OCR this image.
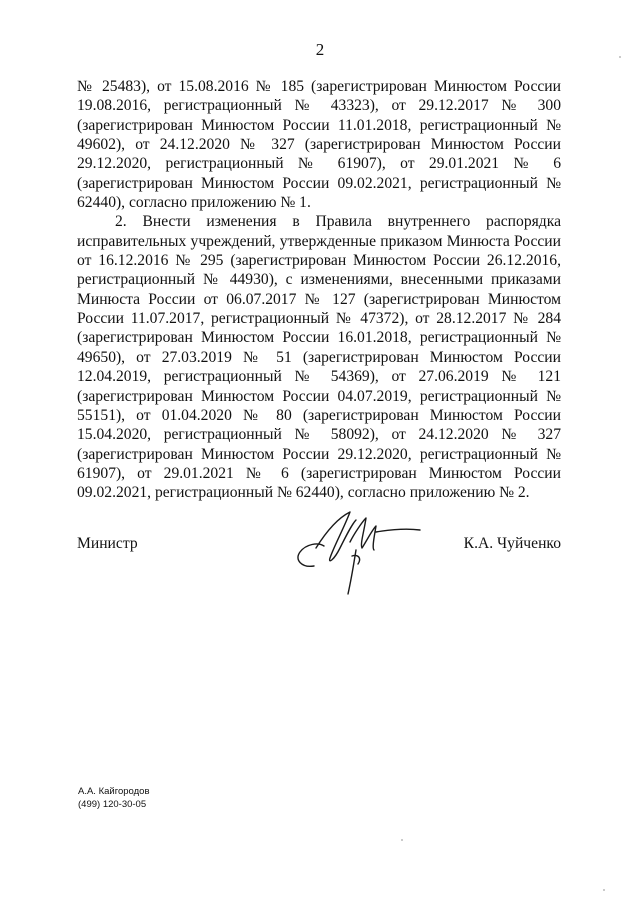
2

№ 25483), от 15.08.2016 № 185 (зарегистрирован Минюстом России 19.08.2016, регистрационный № 43323), от 29.12.2017 № 300 (зарегистрирован Минюстом России 11.01.2018, регистрационный № 49602), от 24.12.2020 № 327 (зарегистрирован Минюстом России 29.12.2020, регистрационный № 61907), от 29.01.2021 № 6 (зарегистрирован Минюстом России 09.02.2021, регистрационный № 62440), согласно приложению № 1.

2. Внести изменения в Правила внутреннего распорядка исправительных учреждений, утвержденные приказом Минюста России от 16.12.2016 № 295 (зарегистрирован Минюстом России 26.12.2016, регистрационный № 44930), с изменениями, внесенными приказами Минюста России от 06.07.2017 № 127 (зарегистрирован Минюстом России 11.07.2017, регистрационный № 47372), от 28.12.2017 № 284 (зарегистрирован Минюстом России 16.01.2018, регистрационный № 49650), от 27.03.2019 № 51 (зарегистрирован Минюстом России 12.04.2019, регистрационный № 54369), от 27.06.2019 № 121 (зарегистрирован Минюстом России 04.07.2019, регистрационный № 55151), от 01.04.2020 № 80 (зарегистрирован Минюстом России 15.04.2020, регистрационный № 58092), от 24.12.2020 № 327 (зарегистрирован Минюстом России 29.12.2020, регистрационный № 61907), от 29.01.2021 № 6 (зарегистрирован Минюстом России 09.02.2021, регистрационный № 62440), согласно приложению № 2.

Министр	К.А. Чуйченко
А.А. Кайгородов
(499) 120-30-05
